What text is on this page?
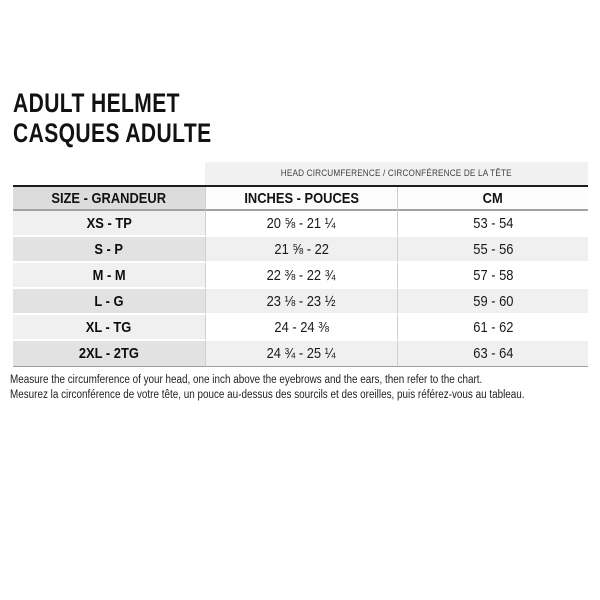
ADULT HELMET
CASQUES ADULTE
	HEAD CIRCUMFERENCE / CIRCONFÉRENCE DE LA TÊTE	
SIZE - GRANDEUR	INCHES - POUCES	CM
XS - TP	20 ⅝ - 21 ¼	53 - 54
S - P	21 ⅝ - 22	55 - 56
M - M	22 ⅜ - 22 ¾	57 - 58
L - G	23 ⅛ - 23 ½	59 - 60
XL - TG	24 - 24 ⅜	61 - 62
2XL - 2TG	24 ¾ - 25 ¼	63 - 64
Measure the circumference of your head, one inch above the eyebrows and the ears, then refer to the chart.
Mesurez la circonférence de votre tête, un pouce au-dessus des sourcils et des oreilles, puis référez-vous au tableau.
